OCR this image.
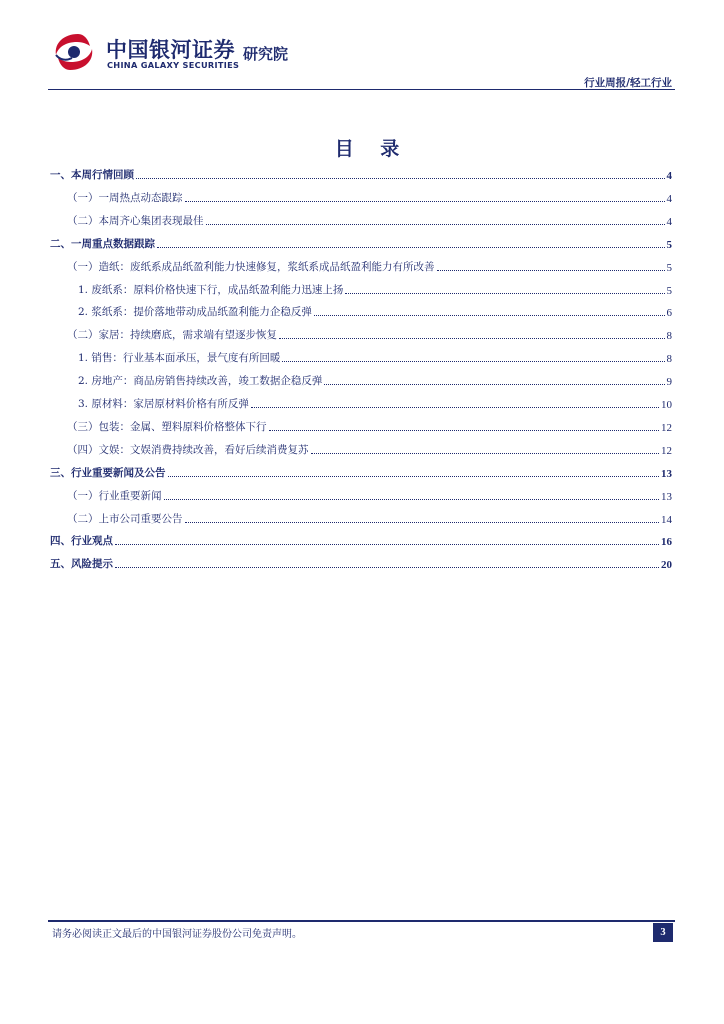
中国银河证券
CHINA GALAXY SECURITIES
研究院
行业周报/轻工行业
目 录
一、本周行情回顾	4
（一）一周热点动态跟踪	4
（二）本周齐心集团表现最佳	4
二、一周重点数据跟踪	5
（一）造纸：废纸系成品纸盈利能力快速修复，浆纸系成品纸盈利能力有所改善	5
1. 废纸系：原料价格快速下行，成品纸盈利能力迅速上扬	5
2. 浆纸系：提价落地带动成品纸盈利能力企稳反弹	6
（二）家居：持续磨底，需求端有望逐步恢复	8
1. 销售：行业基本面承压，景气度有所回暖	8
2. 房地产：商品房销售持续改善，竣工数据企稳反弹	9
3. 原材料：家居原材料价格有所反弹	10
（三）包装：金属、塑料原料价格整体下行	12
（四）文娱：文娱消费持续改善，看好后续消费复苏	12
三、行业重要新闻及公告	13
（一）行业重要新闻	13
（二）上市公司重要公告	14
四、行业观点	16
五、风险提示	20
请务必阅读正文最后的中国银河证券股份公司免责声明。	3
